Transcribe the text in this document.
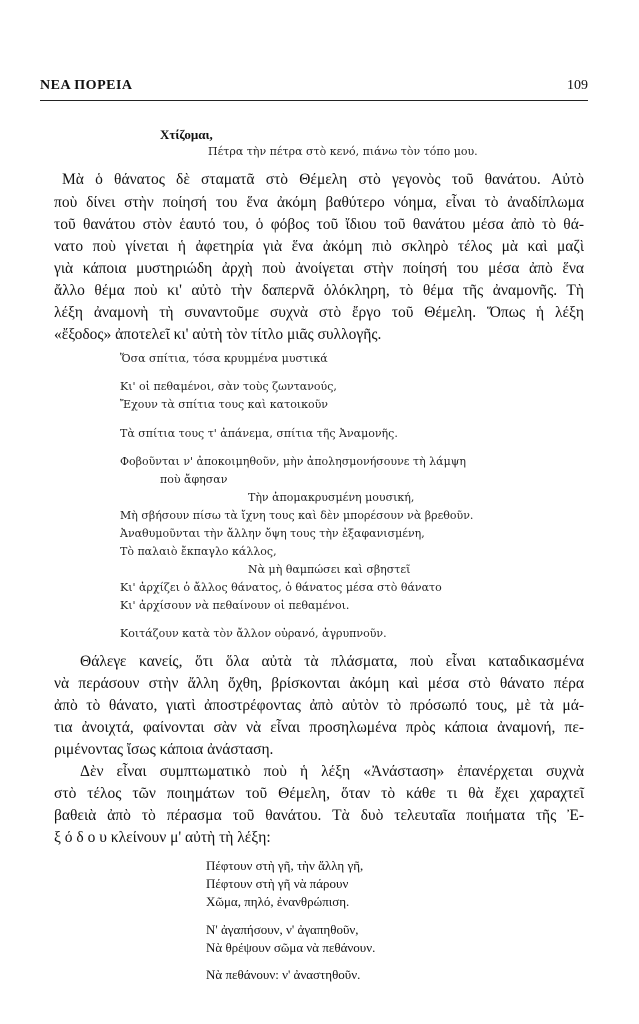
ΝΕΑ ΠΟΡΕΙΑ	109
Χτίζομαι,
Πέτρα τὴν πέτρα στὸ κενό, πιάνω τὸν τόπο μου.
Μὰ ὁ θάνατος δὲ σταματᾶ στὸ Θέμελη στὸ γεγονὸς τοῦ θανάτου. Αὐτὸ
ποὺ δίνει στὴν ποίησή του ἕνα ἀκόμη βαθύτερο νόημα, εἶναι τὸ ἀναδίπλωμα
τοῦ θανάτου στὸν ἑαυτό του, ὁ φόβος τοῦ ἴδιου τοῦ θανάτου μέσα ἀπὸ τὸ θά-
νατο ποὺ γίνεται ἡ ἀφετηρία γιὰ ἕνα ἀκόμη πιὸ σκληρὸ τέλος μὰ καὶ μαζὶ
γιὰ κάποια μυστηριώδη ἀρχὴ ποὺ ἀνοίγεται στὴν ποίησή του μέσα ἀπὸ ἕνα
ἄλλο θέμα ποὺ κι' αὐτὸ τὴν δαπερνᾶ ὁλόκληρη, τὸ θέμα τῆς ἀναμονῆς. Τὴ
λέξη ἀναμονὴ τὴ συναντοῦμε συχνὰ στὸ ἔργο τοῦ Θέμελη. Ὅπως ἡ λέξη
«ἔξοδος» ἀποτελεῖ κι' αὐτὴ τὸν τίτλο μιᾶς συλλογῆς.
Ὅσα σπίτια, τόσα κρυμμένα μυστικά
Κι' οἱ πεθαμένοι, σὰν τοὺς ζωντανούς,
Ἔχουν τὰ σπίτια τους καὶ κατοικοῦν
Τὰ σπίτια τους τ' ἀπάνεμα, σπίτια τῆς Ἀναμονῆς.
Φοβοῦνται ν' ἀποκοιμηθοῦν, μὴν ἀπολησμονήσουνε τὴ λάμψη
ποὺ ἄφησαν
Τὴν ἀπομακρυσμένη μουσική,
Μὴ σβήσουν πίσω τὰ ἴχνη τους καὶ δὲν μπορέσουν νὰ βρεθοῦν.
Ἀναθυμοῦνται τὴν ἄλλην ὄψη τους τὴν ἐξαφανισμένη,
Τὸ παλαιὸ ἔκπαγλο κάλλος,
Νὰ μὴ θαμπώσει καὶ σβηστεῖ
Κι' ἀρχίζει ὁ ἄλλος θάνατος, ὁ θάνατος μέσα στὸ θάνατο
Κι' ἀρχίσουν νὰ πεθαίνουν οἱ πεθαμένοι.
Κοιτάζουν κατὰ τὸν ἄλλον οὐρανό, ἀγρυπνοῦν.
Θάλεγε κανείς, ὅτι ὅλα αὐτὰ τὰ πλάσματα, ποὺ εἶναι καταδικασμένα
νὰ περάσουν στὴν ἄλλη ὄχθη, βρίσκονται ἀκόμη καὶ μέσα στὸ θάνατο πέρα
ἀπὸ τὸ θάνατο, γιατὶ ἀποστρέφοντας ἀπὸ αὐτὸν τὸ πρόσωπό τους, μὲ τὰ μά-
τια ἀνοιχτά, φαίνονται σὰν νὰ εἶναι προσηλωμένα πρὸς κάποια ἀναμονή, πε-
ριμένοντας ἴσως κάποια ἀνάσταση.
Δὲν εἶναι συμπτωματικὸ ποὺ ἡ λέξη «Ἀνάσταση» ἐπανέρχεται συχνὰ
στὸ τέλος τῶν ποιημάτων τοῦ Θέμελη, ὅταν τὸ κάθε τι θὰ ἔχει χαραχτεῖ
βαθειὰ ἀπὸ τὸ πέρασμα τοῦ θανάτου. Τὰ δυὸ τελευταῖα ποιήματα τῆς Ἐ-
ξ ό δ ο υ κλείνουν μ' αὐτὴ τὴ λέξη:
Πέφτουν στὴ γῆ, τὴν ἄλλη γῆ,
Πέφτουν στὴ γῆ νὰ πάρουν
Χῶμα, πηλό, ἐνανθρώπιση.
Ν' ἀγαπήσουν, ν' ἀγαπηθοῦν,
Νὰ θρέψουν σῶμα νὰ πεθάνουν.
Νὰ πεθάνουν: ν' ἀναστηθοῦν.
